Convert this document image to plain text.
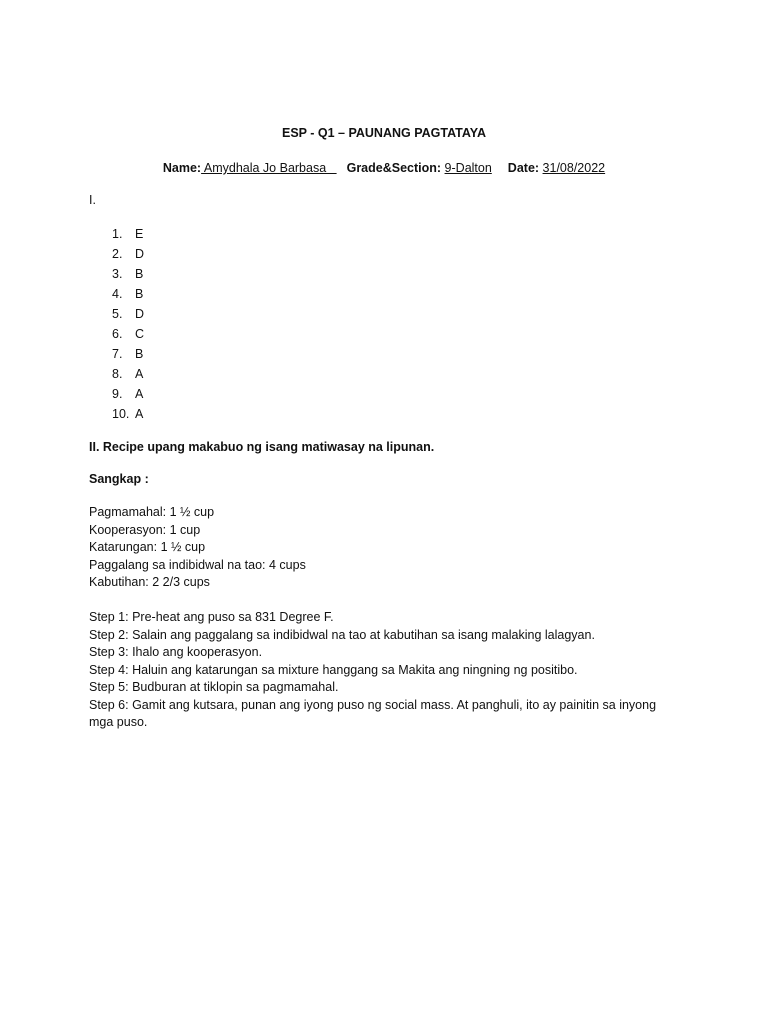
ESP - Q1 – PAUNANG PAGTATAYA
Name: Amydhala Jo Barbasa   Grade&Section: 9-Dalton Date: 31/08/2022
I.
1. E
2. D
3. B
4. B
5. D
6. C
7. B
8. A
9. A
10. A
II. Recipe upang makabuo ng isang matiwasay na lipunan.
Sangkap :
Pagmamahal: 1 ½ cup
Kooperasyon: 1 cup
Katarungan: 1 ½ cup
Paggalang sa indibidwal na tao: 4 cups
Kabutihan: 2 2/3 cups
Step 1: Pre-heat ang puso sa 831 Degree F.
Step 2: Salain ang paggalang sa indibidwal na tao at kabutihan sa isang malaking lalagyan.
Step 3: Ihalo ang kooperasyon.
Step 4: Haluin ang katarungan sa mixture hanggang sa Makita ang ningning ng positibo.
Step 5: Budburan at tiklopin sa pagmamahal.
Step 6: Gamit ang kutsara, punan ang iyong puso ng social mass. At panghuli, ito ay painitin sa inyong mga puso.
